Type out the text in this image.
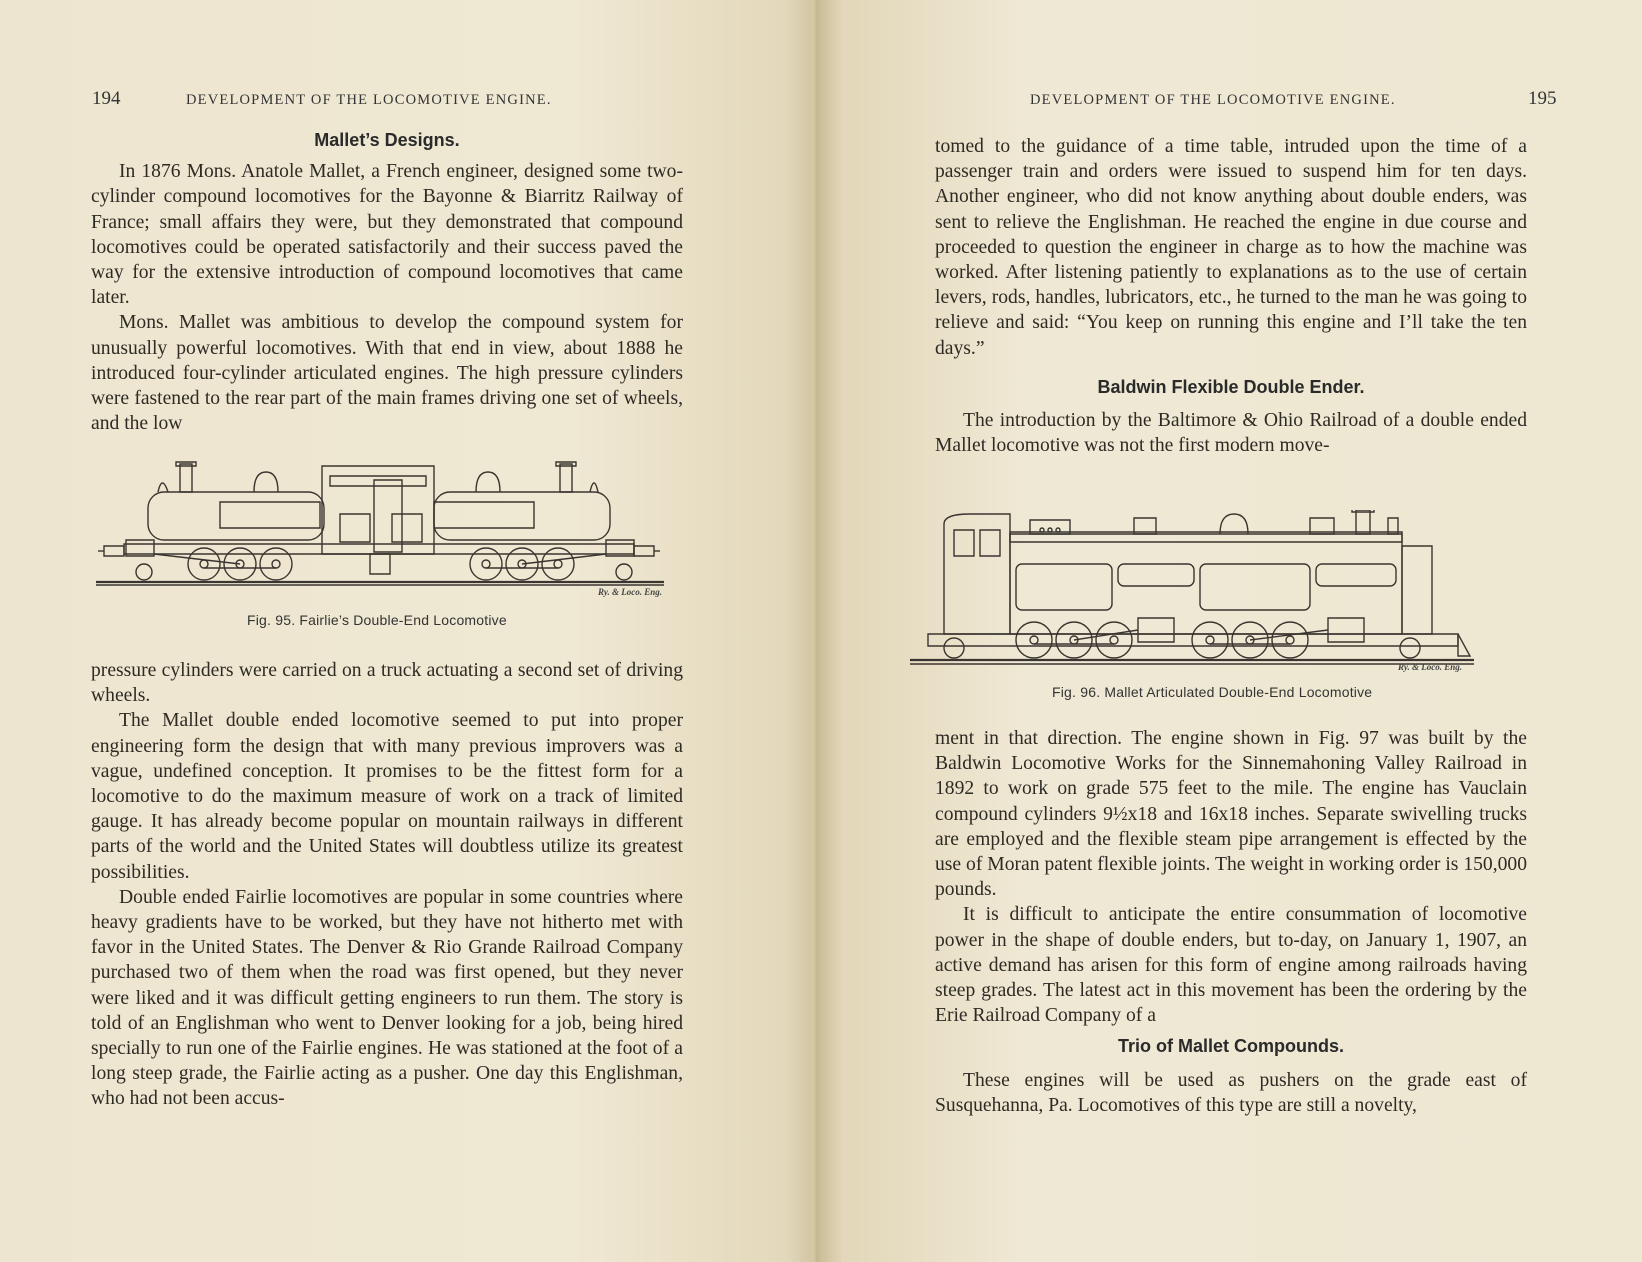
194	DEVELOPMENT OF THE LOCOMOTIVE ENGINE.
Mallet’s Designs.

In 1876 Mons. Anatole Mallet, a French engineer, designed some two-cylinder compound locomotives for the Bayonne & Biarritz Railway of France; small affairs they were, but they demonstrated that compound locomotives could be operated satisfactorily and their success paved the way for the extensive introduction of compound locomotives that came later.

Mons. Mallet was ambitious to develop the compound system for unusually powerful locomotives. With that end in view, about 1888 he introduced four-cylinder articulated engines. The high pressure cylinders were fastened to the rear part of the main frames driving one set of wheels, and the low

Ry. & Loco. Eng.
Fig. 95. Fairlie’s Double-End Locomotive

pressure cylinders were carried on a truck actuating a second set of driving wheels.

The Mallet double ended locomotive seemed to put into proper engineering form the design that with many previous improvers was a vague, undefined conception. It promises to be the fittest form for a locomotive to do the maximum measure of work on a track of limited gauge. It has already become popular on mountain railways in different parts of the world and the United States will doubtless utilize its greatest possibilities.

Double ended Fairlie locomotives are popular in some countries where heavy gradients have to be worked, but they have not hitherto met with favor in the United States. The Denver & Rio Grande Railroad Company purchased two of them when the road was first opened, but they never were liked and it was difficult getting engineers to run them. The story is told of an Englishman who went to Denver looking for a job, being hired specially to run one of the Fairlie engines. He was stationed at the foot of a long steep grade, the Fairlie acting as a pusher. One day this Englishman, who had not been accus-

DEVELOPMENT OF THE LOCOMOTIVE ENGINE.	195

tomed to the guidance of a time table, intruded upon the time of a passenger train and orders were issued to suspend him for ten days. Another engineer, who did not know anything about double enders, was sent to relieve the Englishman. He reached the engine in due course and proceeded to question the engineer in charge as to how the machine was worked. After listening patiently to explanations as to the use of certain levers, rods, handles, lubricators, etc., he turned to the man he was going to relieve and said: “You keep on running this engine and I’ll take the ten days.”

Baldwin Flexible Double Ender.

The introduction by the Baltimore & Ohio Railroad of a double ended Mallet locomotive was not the first modern move-

Ry. & Loco. Eng.
Fig. 96. Mallet Articulated Double-End Locomotive

ment in that direction. The engine shown in Fig. 97 was built by the Baldwin Locomotive Works for the Sinnemahoning Valley Railroad in 1892 to work on grade 575 feet to the mile. The engine has Vauclain compound cylinders 9½x18 and 16x18 inches. Separate swivelling trucks are employed and the flexible steam pipe arrangement is effected by the use of Moran patent flexible joints. The weight in working order is 150,000 pounds.

It is difficult to anticipate the entire consummation of locomotive power in the shape of double enders, but to-day, on January 1, 1907, an active demand has arisen for this form of engine among railroads having steep grades. The latest act in this movement has been the ordering by the Erie Railroad Company of a

Trio of Mallet Compounds.

These engines will be used as pushers on the grade east of Susquehanna, Pa. Locomotives of this type are still a novelty,
